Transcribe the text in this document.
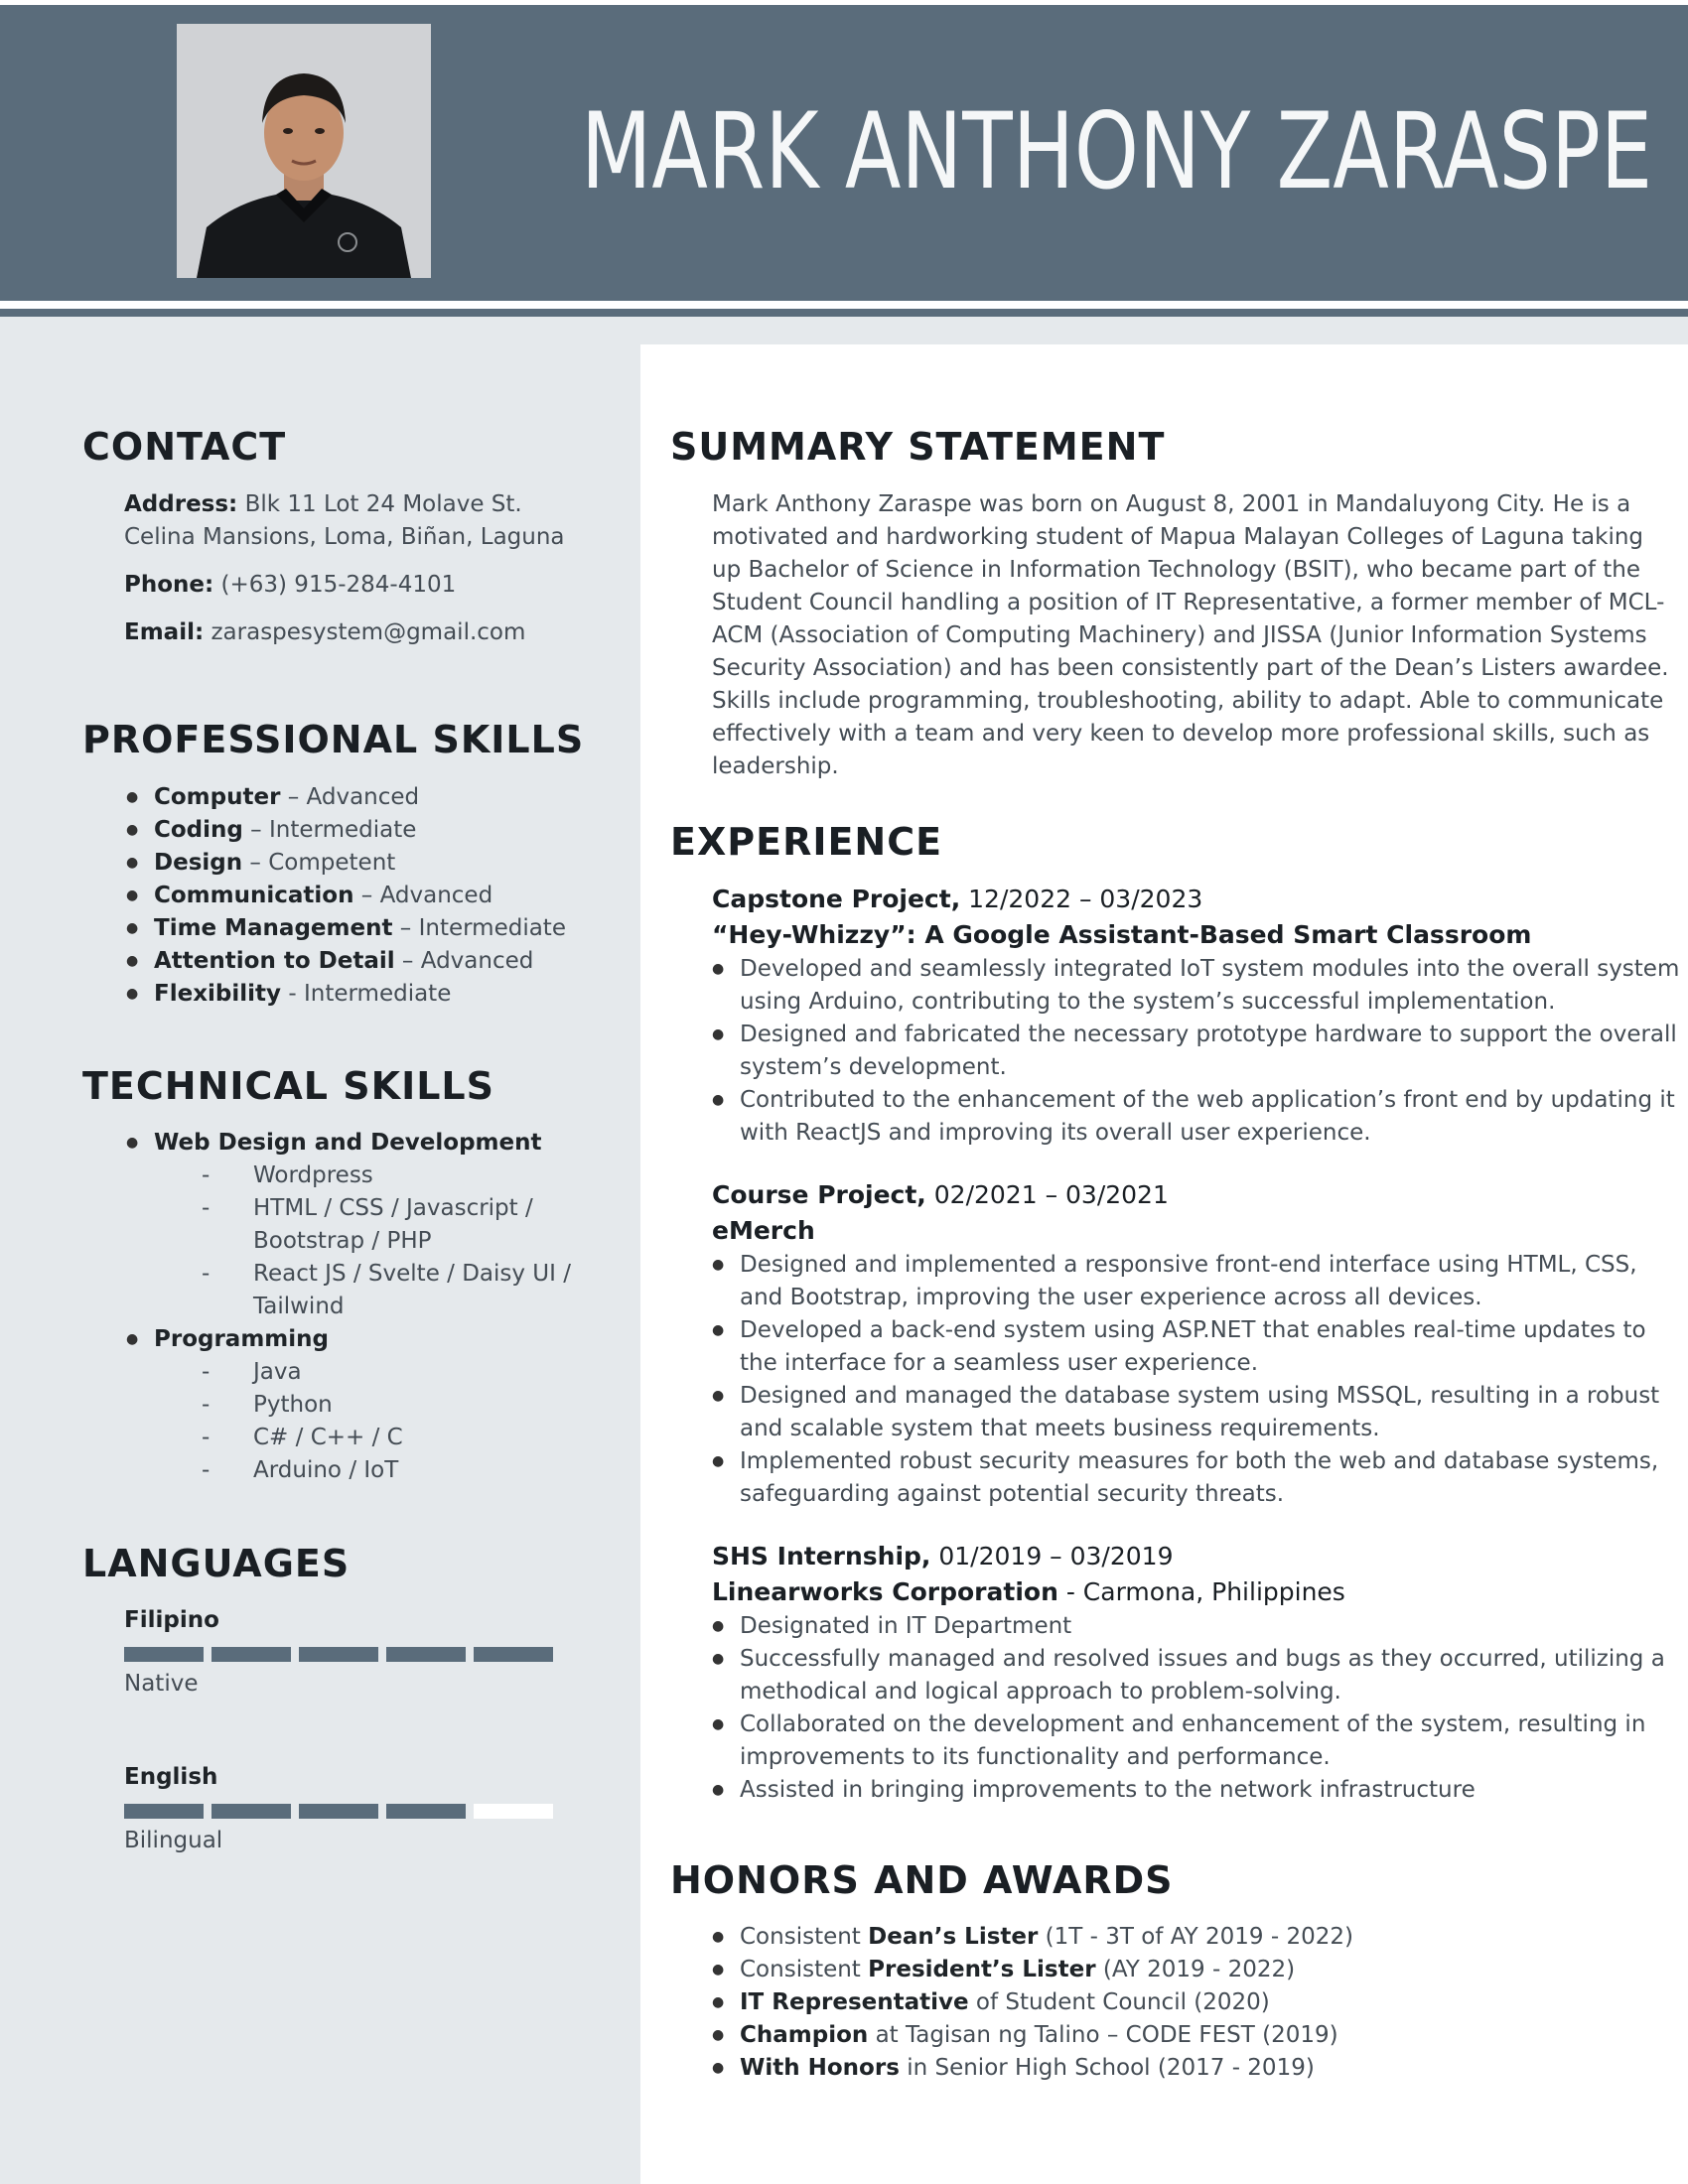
MARK ANTHONY ZARASPE
CONTACT
Address: Blk 11 Lot 24 Molave St.
Celina Mansions, Loma, Biñan, Laguna
Phone: (+63) 915-284-4101
Email: zaraspesystem@gmail.com
PROFESSIONAL SKILLS
● Computer – Advanced
● Coding – Intermediate
● Design – Competent
● Communication – Advanced
● Time Management – Intermediate
● Attention to Detail – Advanced
● Flexibility - Intermediate
TECHNICAL SKILLS
● Web Design and Development
- Wordpress
- HTML / CSS / Javascript /
Bootstrap / PHP
- React JS / Svelte / Daisy UI /
Tailwind
● Programming
- Java
- Python
- C# / C++ / C
- Arduino / IoT
LANGUAGES
Filipino
Native
English
Bilingual
SUMMARY STATEMENT
Mark Anthony Zaraspe was born on August 8, 2001 in Mandaluyong City. He is a
motivated and hardworking student of Mapua Malayan Colleges of Laguna taking
up Bachelor of Science in Information Technology (BSIT), who became part of the
Student Council handling a position of IT Representative, a former member of MCL-
ACM (Association of Computing Machinery) and JISSA (Junior Information Systems
Security Association) and has been consistently part of the Dean’s Listers awardee.
Skills include programming, troubleshooting, ability to adapt. Able to communicate
effectively with a team and very keen to develop more professional skills, such as
leadership.
EXPERIENCE
Capstone Project, 12/2022 – 03/2023
“Hey-Whizzy”: A Google Assistant-Based Smart Classroom
● Developed and seamlessly integrated IoT system modules into the overall system
using Arduino, contributing to the system’s successful implementation.
● Designed and fabricated the necessary prototype hardware to support the overall
system’s development.
● Contributed to the enhancement of the web application’s front end by updating it
with ReactJS and improving its overall user experience.
Course Project, 02/2021 – 03/2021
eMerch
● Designed and implemented a responsive front-end interface using HTML, CSS,
and Bootstrap, improving the user experience across all devices.
● Developed a back-end system using ASP.NET that enables real-time updates to
the interface for a seamless user experience.
● Designed and managed the database system using MSSQL, resulting in a robust
and scalable system that meets business requirements.
● Implemented robust security measures for both the web and database systems,
safeguarding against potential security threats.
SHS Internship, 01/2019 – 03/2019
Linearworks Corporation - Carmona, Philippines
● Designated in IT Department
● Successfully managed and resolved issues and bugs as they occurred, utilizing a
methodical and logical approach to problem-solving.
● Collaborated on the development and enhancement of the system, resulting in
improvements to its functionality and performance.
● Assisted in bringing improvements to the network infrastructure
HONORS AND AWARDS
● Consistent Dean’s Lister (1T - 3T of AY 2019 - 2022)
● Consistent President’s Lister (AY 2019 - 2022)
● IT Representative of Student Council (2020)
● Champion at Tagisan ng Talino – CODE FEST (2019)
● With Honors in Senior High School (2017 - 2019)
